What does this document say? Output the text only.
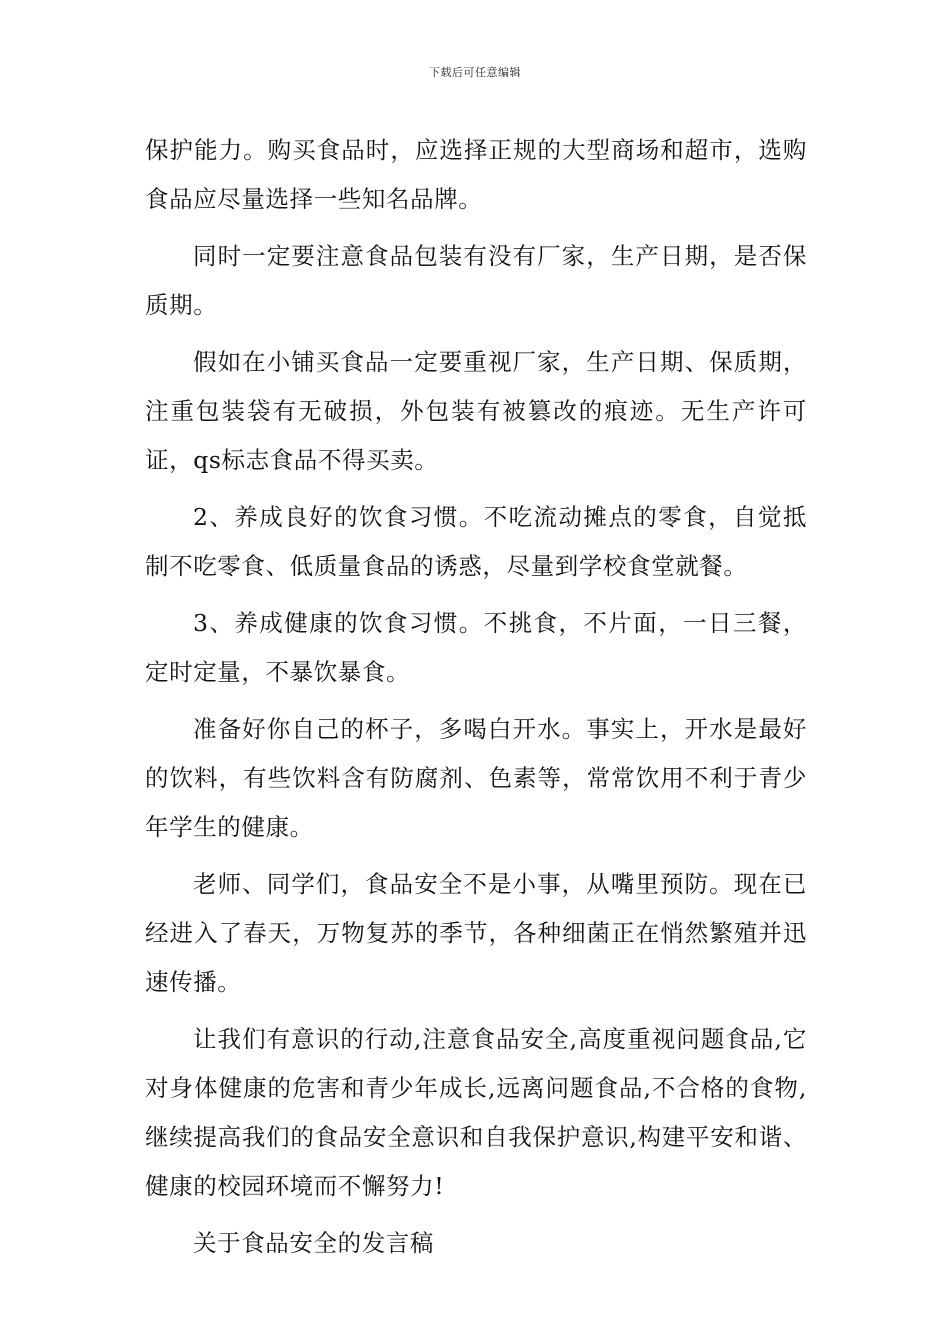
下载后可任意编辑

保护能力。购买食品时，应选择正规的大型商场和超市，选购食品应尽量选择一些知名品牌。

同时一定要注意食品包装有没有厂家，生产日期，是否保质期。

假如在小铺买食品一定要重视厂家，生产日期、保质期，注重包装袋有无破损，外包装有被篡改的痕迹。无生产许可证，qs标志食品不得买卖。

2、养成良好的饮食习惯。不吃流动摊点的零食，自觉抵制不吃零食、低质量食品的诱惑，尽量到学校食堂就餐。

3、养成健康的饮食习惯。不挑食，不片面，一日三餐，定时定量，不暴饮暴食。

准备好你自己的杯子，多喝白开水。事实上，开水是最好的饮料，有些饮料含有防腐剂、色素等，常常饮用不利于青少年学生的健康。

老师、同学们，食品安全不是小事，从嘴里预防。现在已经进入了春天，万物复苏的季节，各种细菌正在悄然繁殖并迅速传播。

让我们有意识的行动,注意食品安全,高度重视问题食品,它对身体健康的危害和青少年成长,远离问题食品,不合格的食物,继续提高我们的食品安全意识和自我保护意识,构建平安和谐、健康的校园环境而不懈努力!

关于食品安全的发言稿
